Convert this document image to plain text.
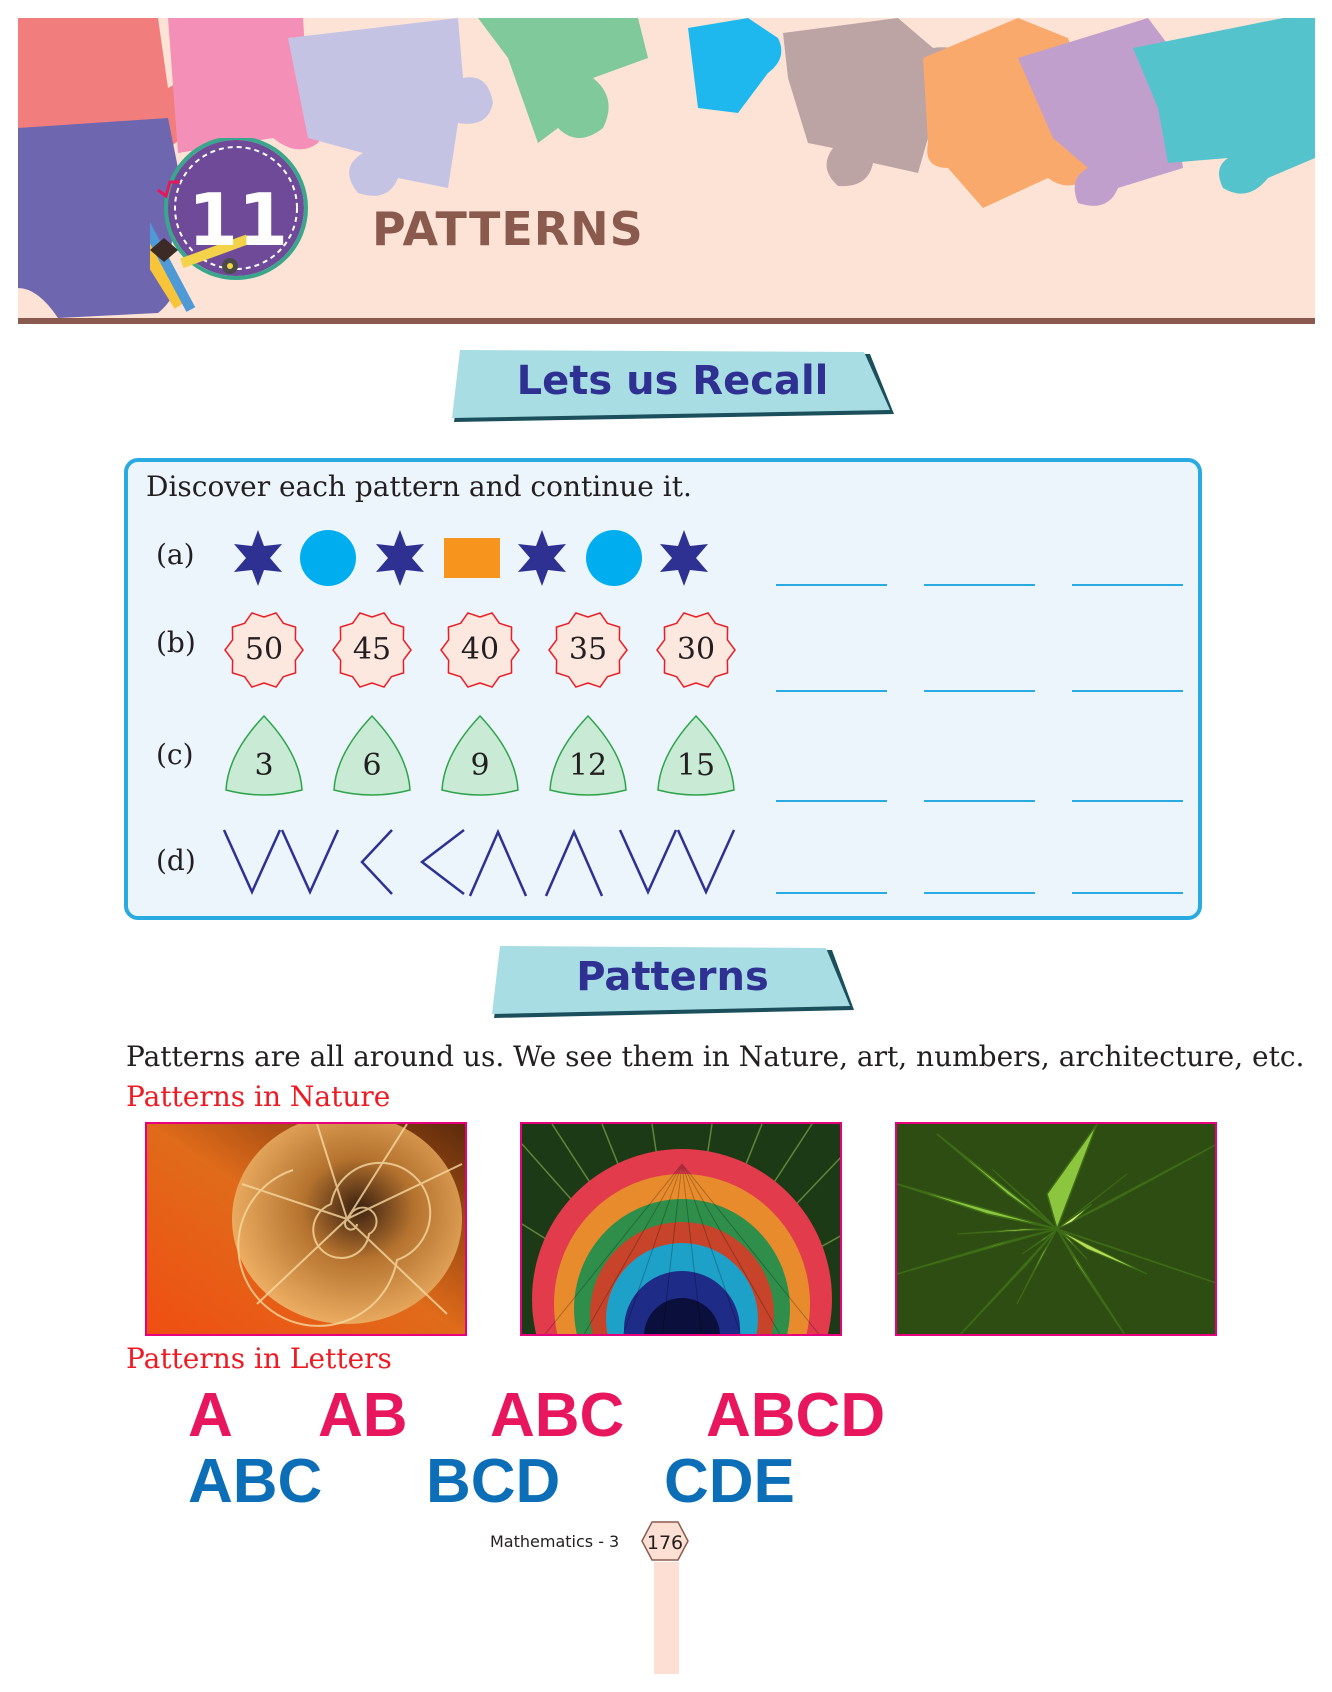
11	PATTERNS
Lets us Recall
Discover each pattern and continue it.
(a)
(b)	50	45	40	35	30
(c)	3	6	9	12	15
(d)
Patterns
Patterns are all around us. We see them in Nature, art, numbers, architecture, etc.
Patterns in Nature
Patterns in Letters
A AB ABC ABCD
ABC BCD CDE
Mathematics - 3	176
